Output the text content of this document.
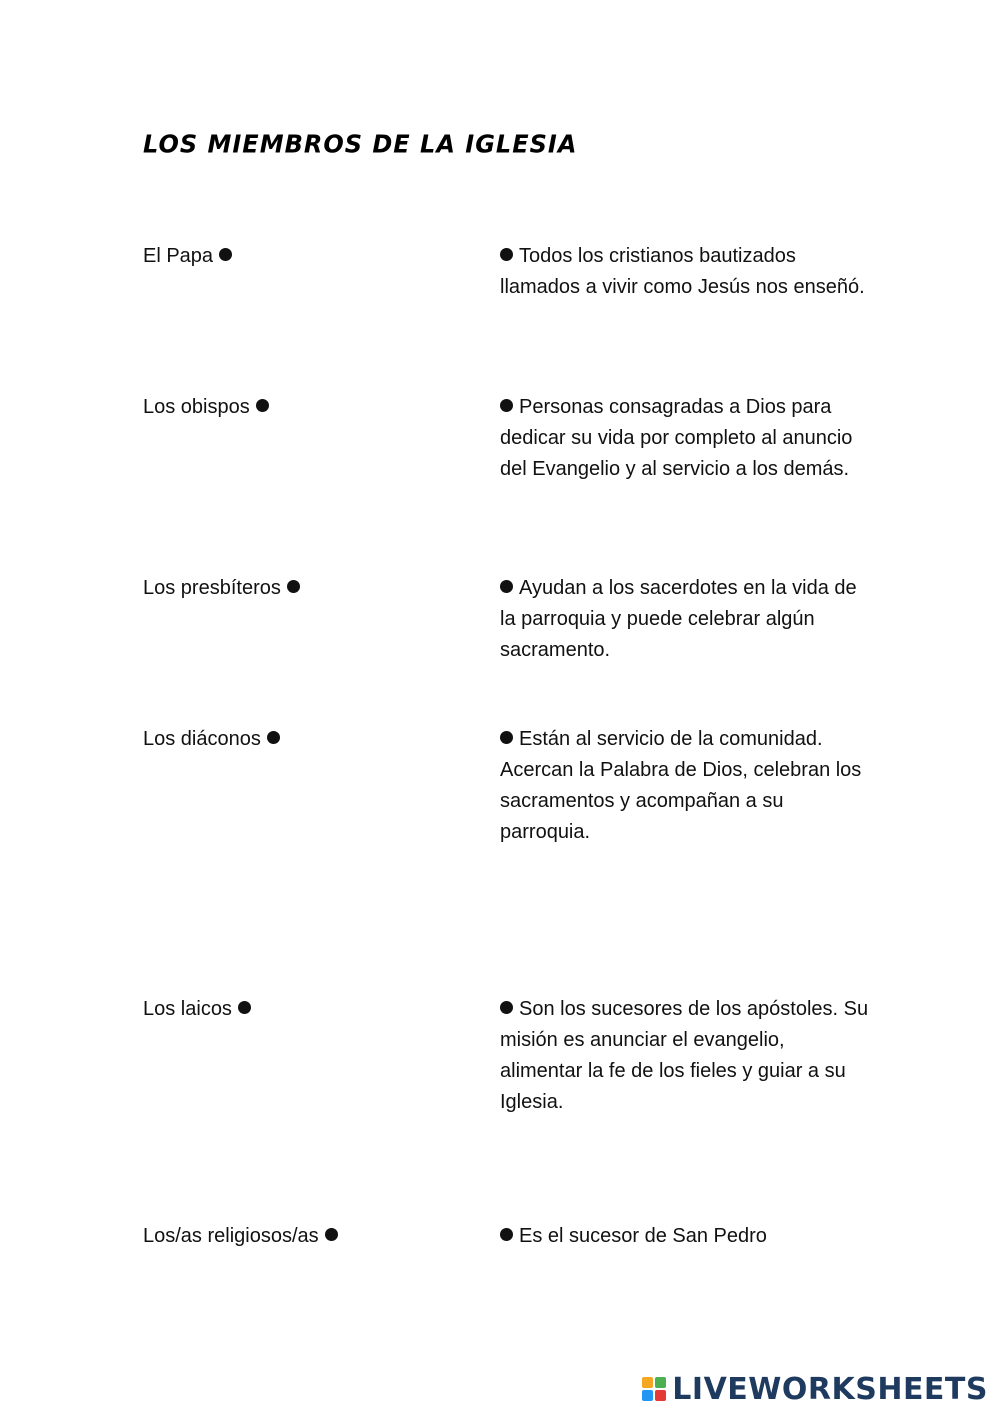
LOS MIEMBROS DE LA IGLESIA
El Papa
Los obispos
Los presbíteros
Los diáconos
Los laicos
Los/as religiosos/as
Todos los cristianos bautizados llamados a vivir como Jesús nos enseñó.
Personas consagradas a Dios para dedicar su vida por completo al anuncio del Evangelio y al servicio a los demás.
Ayudan a los sacerdotes en la vida de la parroquia y puede celebrar algún sacramento.
Están al servicio de la comunidad. Acercan la Palabra de Dios, celebran los sacramentos y acompañan a su parroquia.
Son los sucesores de los apóstoles. Su misión es anunciar el evangelio, alimentar la fe de los fieles y guiar a su Iglesia.
Es el sucesor de San Pedro
LIVEWORKSHEETS
